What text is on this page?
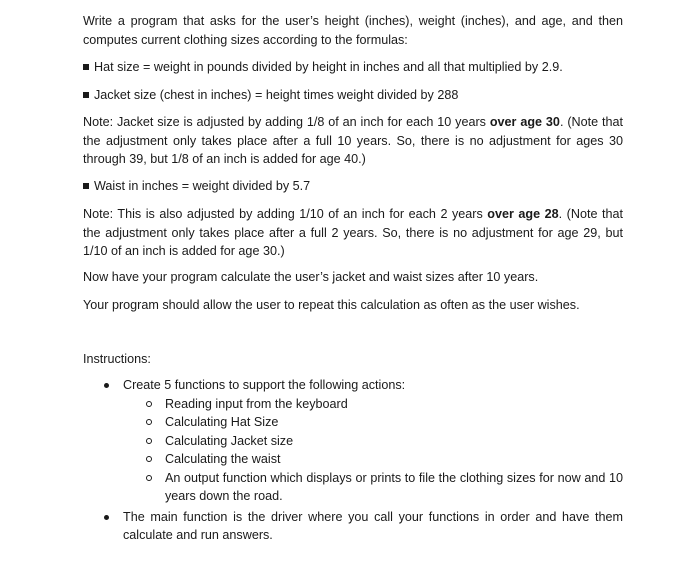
Write a program that asks for the user’s height (inches), weight (inches), and age, and then computes current clothing sizes according to the formulas:

Hat size = weight in pounds divided by height in inches and all that multiplied by 2.9.

Jacket size (chest in inches) = height times weight divided by 288

Note: Jacket size is adjusted by adding 1/8 of an inch for each 10 years over age 30. (Note that the adjustment only takes place after a full 10 years. So, there is no adjustment for ages 30 through 39, but 1/8 of an inch is added for age 40.)

Waist in inches = weight divided by 5.7

Note: This is also adjusted by adding 1/10 of an inch for each 2 years over age 28. (Note that the adjustment only takes place after a full 2 years. So, there is no adjustment for age 29, but 1/10 of an inch is added for age 30.)

Now have your program calculate the user’s jacket and waist sizes after 10 years.

Your program should allow the user to repeat this calculation as often as the user wishes.

Instructions:

Create 5 functions to support the following actions:
Reading input from the keyboard
Calculating Hat Size
Calculating Jacket size
Calculating the waist
An output function which displays or prints to file the clothing sizes for now and 10 years down the road.
The main function is the driver where you call your functions in order and have them calculate and run answers.
